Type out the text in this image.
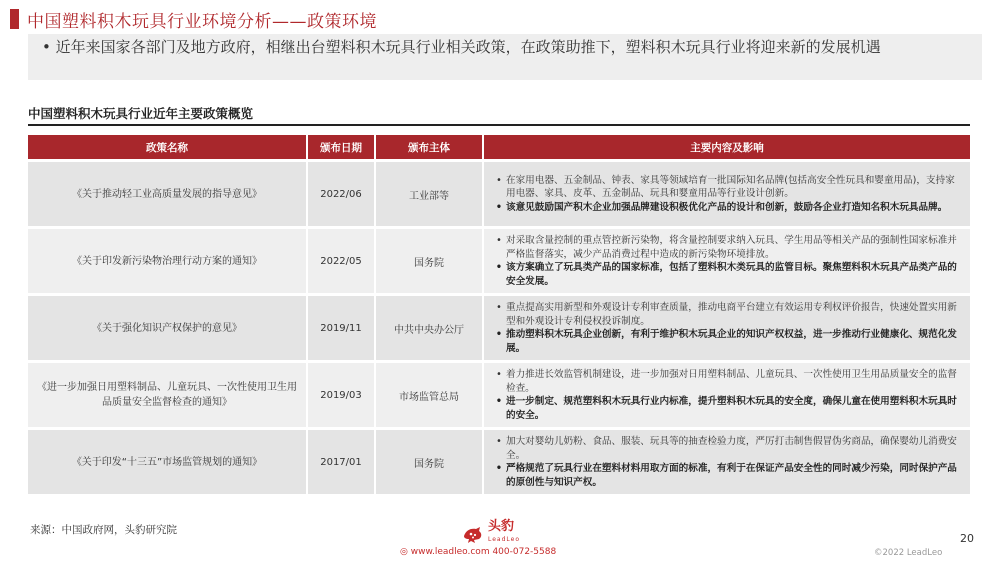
中国塑料积木玩具行业环境分析——政策环境
• 近年来国家各部门及地方政府，相继出台塑料积木玩具行业相关政策，在政策助推下，塑料积木玩具行业将迎来新的发展机遇
中国塑料积木玩具行业近年主要政策概览
政策名称	颁布日期	颁布主体	主要内容及影响
《关于推动轻工业高质量发展的指导意见》	2022/06	工业部等	• 在家用电器、五金制品、钟表、家具等领域培育一批国际知名品牌(包括高安全性玩具和婴童用品)，支持家用电器、家具、皮革、五金制品、玩具和婴童用品等行业设计创新。
• 该意见鼓励国产积木企业加强品牌建设积极优化产品的设计和创新，鼓励各企业打造知名积木玩具品牌。

《关于印发新污染物治理行动方案的通知》	2022/05	国务院	• 对采取含量控制的重点管控新污染物，将含量控制要求纳入玩具、学生用品等相关产品的强制性国家标准并严格监督落实，减少产品消费过程中造成的新污染物环境排放。
• 该方案确立了玩具类产品的国家标准，包括了塑料积木类玩具的监管目标。聚焦塑料积木玩具产品类产品的安全发展。

《关于强化知识产权保护的意见》	2019/11	中共中央办公厅	• 重点提高实用新型和外观设计专利审查质量，推动电商平台建立有效运用专利权评价报告，快速处置实用新型和外观设计专利侵权投诉制度。
• 推动塑料积木玩具企业创新，有利于维护积木玩具企业的知识产权权益，进一步推动行业健康化、规范化发展。

《进一步加强日用塑料制品、儿童玩具、一次性使用卫生用品质量安全监督检查的通知》	2019/03	市场监管总局	• 着力推进长效监管机制建设，进一步加强对日用塑料制品、儿童玩具、一次性使用卫生用品质量安全的监督检查。
• 进一步制定、规范塑料积木玩具行业内标准，提升塑料积木玩具的安全度，确保儿童在使用塑料积木玩具时的安全。

《关于印发“十三五”市场监管规划的通知》	2017/01	国务院	• 加大对婴幼儿奶粉、食品、服装、玩具等的抽查检验力度，严厉打击制售假冒伪劣商品，确保婴幼儿消费安全。
• 严格规范了玩具行业在塑料材料用取方面的标准，有利于在保证产品安全性的同时减少污染，同时保护产品的原创性与知识产权。
来源：中国政府网，头豹研究院	头豹
LeadLeo
◎ www.leadleo.com 400-072-5588
20
©2022 LeadLeo
